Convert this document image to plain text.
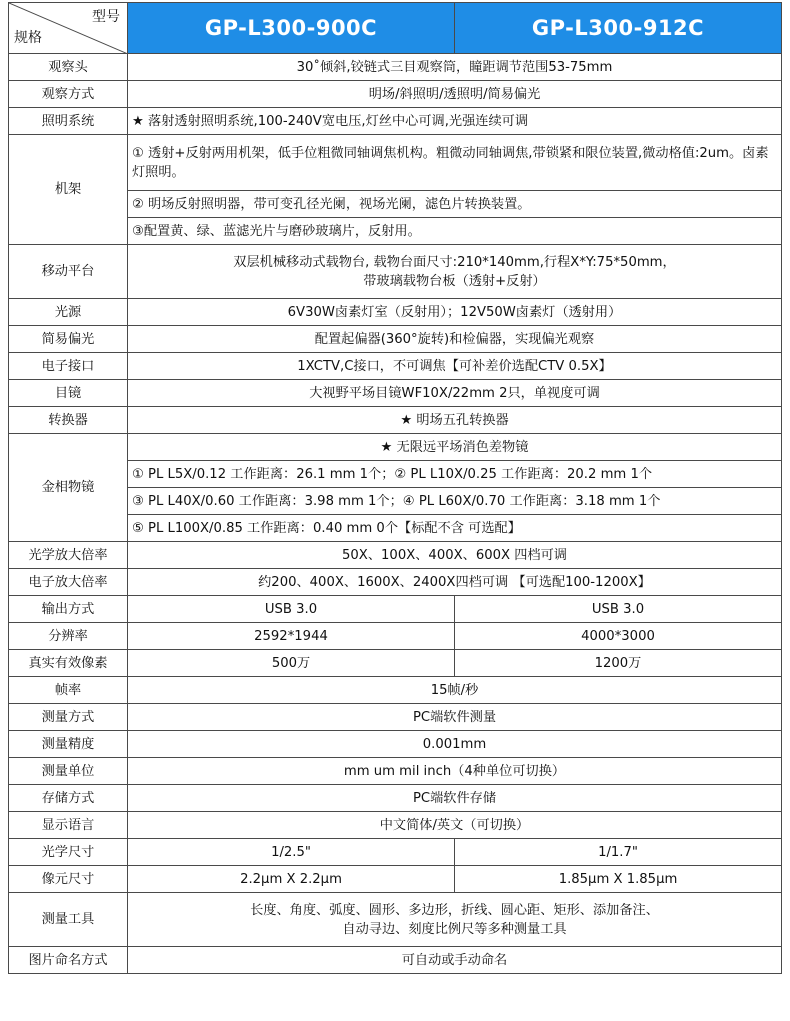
型号
规格	GP-L300-900C	GP-L300-912C
观察头	30˚倾斜,铰链式三目观察筒，瞳距调节范围53-75mm	
观察方式	明场/斜照明/透照明/简易偏光	
照明系统	★ 落射透射照明系统,100-240V宽电压,灯丝中心可调,光强连续可调	
机架	① 透射+反射两用机架，低手位粗微同轴调焦机构。粗微动同轴调焦,带锁紧和限位装置,微动格值:2um。卤素灯照明。	
	② 明场反射照明器，带可变孔径光阑，视场光阑，滤色片转换装置。	
	③配置黄、绿、蓝滤光片与磨砂玻璃片，反射用。	
移动平台	双层机械移动式载物台, 载物台面尺寸:210*140mm,行程X*Y:75*50mm，
带玻璃载物台板（透射+反射）	

光源	6V30W卤素灯室（反射用）；12V50W卤素灯（透射用）	
简易偏光	配置起偏器(360°旋转)和检偏器，实现偏光观察	
电子接口	1XCTV,C接口，不可调焦【可补差价选配CTV 0.5X】	
目镜	大视野平场目镜WF10X/22mm 2只，单视度可调	
转换器	★ 明场五孔转换器	
金相物镜	★ 无限远平场消色差物镜	
	① PL L5X/0.12 工作距离：26.1 mm 1个；② PL L10X/0.25 工作距离：20.2 mm 1个	
	③ PL L40X/0.60 工作距离：3.98 mm 1个；④ PL L60X/0.70 工作距离：3.18 mm 1个	
	⑤ PL L100X/0.85 工作距离：0.40 mm 0个【标配不含 可选配】	
光学放大倍率	50X、100X、400X、600X 四档可调	
电子放大倍率	约200、400X、1600X、2400X四档可调 【可选配100-1200X】	
输出方式	USB 3.0	USB 3.0
分辨率	2592*1944	4000*3000
真实有效像素	500万	1200万
帧率	15帧/秒	
测量方式	PC端软件测量	
测量精度	0.001mm	
测量单位	mm um mil inch（4种单位可切换）	
存储方式	PC端软件存储	
显示语言	中文简体/英文（可切换）	
光学尺寸	1/2.5"	1/1.7"
像元尺寸	2.2μm X 2.2μm	1.85μm X 1.85μm
测量工具	长度、角度、弧度、圆形、多边形，折线、圆心距、矩形、添加备注、
自动寻边、刻度比例尺等多种测量工具	

图片命名方式	可自动或手动命名	
